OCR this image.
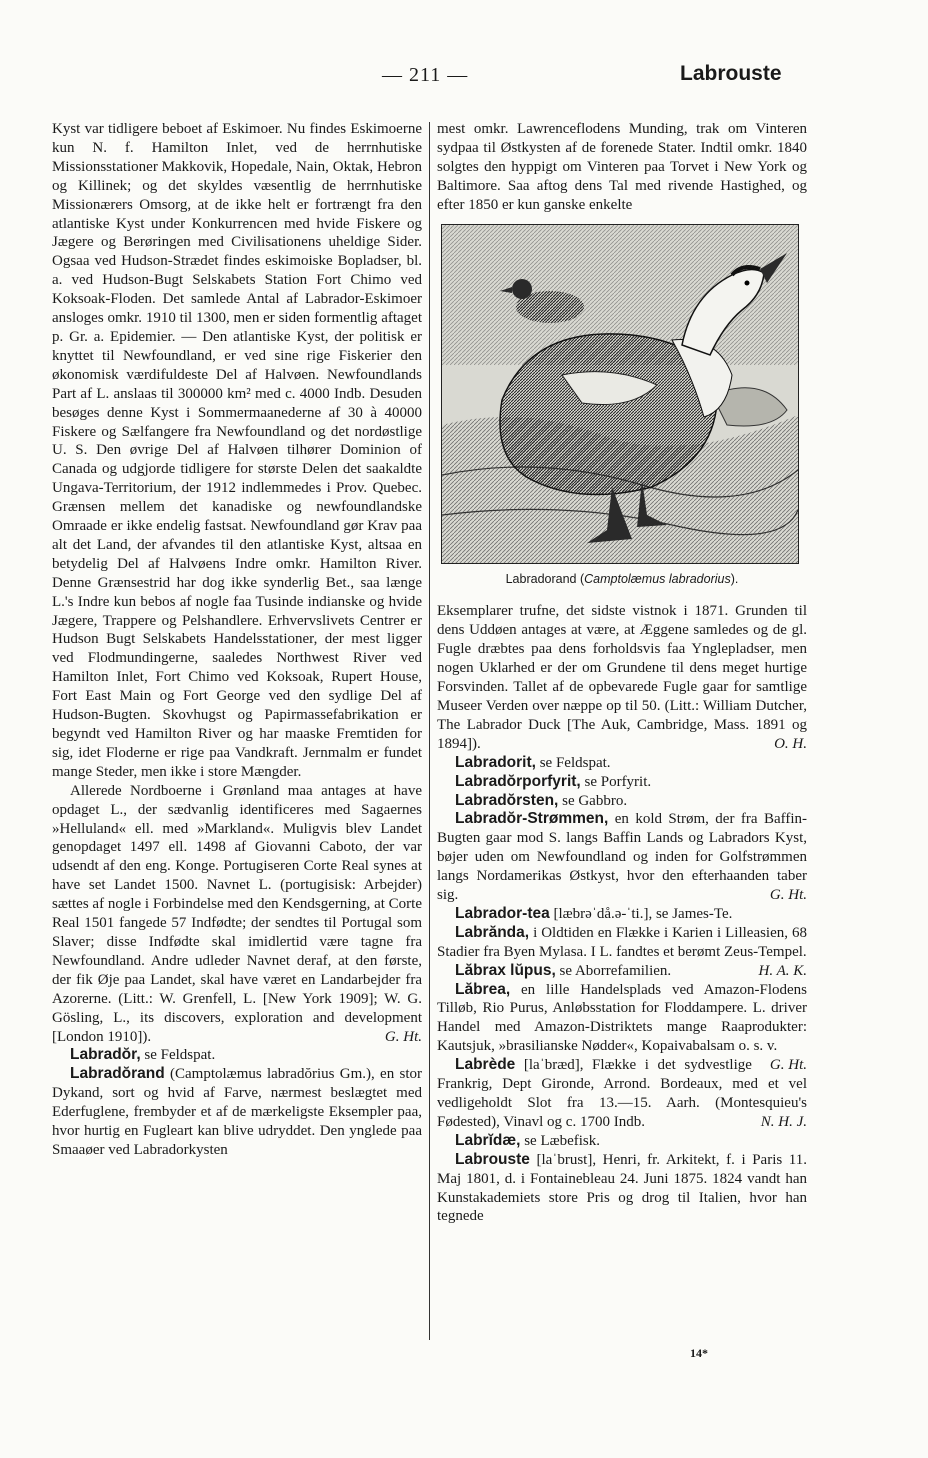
— 211 —	Labrouste

Kyst var tidligere beboet af Eskimoer. Nu findes Eskimoerne kun N. f. Hamilton Inlet, ved de herrnhutiske Missionsstationer Makkovik, Hopedale, Nain, Oktak, Hebron og Killinek; og det skyldes væsentlig de herrnhutiske Missionærers Omsorg, at de ikke helt er fortrængt fra den atlantiske Kyst under Konkurrencen med hvide Fiskere og Jægere og Berøringen med Civilisationens uheldige Sider. Ogsaa ved Hudson-Strædet findes eskimoiske Bopladser, bl. a. ved Hudson-Bugt Selskabets Station Fort Chimo ved Koksoak-Floden. Det samlede Antal af Labrador-Eskimoer ansloges omkr. 1910 til 1300, men er siden formentlig aftaget p. Gr. a. Epidemier. — Den atlantiske Kyst, der politisk er knyttet til Newfoundland, er ved sine rige Fiskerier den økonomisk værdifuldeste Del af Halvøen. Newfoundlands Part af L. anslaas til 300000 km² med c. 4000 Indb. Desuden besøges denne Kyst i Sommermaanederne af 30 à 40000 Fiskere og Sælfangere fra Newfoundland og det nordøstlige U. S. Den øvrige Del af Halvøen tilhører Dominion of Canada og udgjorde tidligere for største Delen det saakaldte Ungava-Territorium, der 1912 indlemmedes i Prov. Quebec. Grænsen mellem det kanadiske og newfoundlandske Omraade er ikke endelig fastsat. Newfoundland gør Krav paa alt det Land, der afvandes til den atlantiske Kyst, altsaa en betydelig Del af Halvøens Indre omkr. Hamilton River. Denne Grænsestrid har dog ikke synderlig Bet., saa længe L.'s Indre kun bebos af nogle faa Tusinde indianske og hvide Jægere, Trappere og Pelshandlere. Erhvervslivets Centrer er Hudson Bugt Selskabets Handelsstationer, der mest ligger ved Flodmundingerne, saaledes Northwest River ved Hamilton Inlet, Fort Chimo ved Koksoak, Rupert House, Fort East Main og Fort George ved den sydlige Del af Hudson-Bugten. Skovhugst og Papirmassefabrikation er begyndt ved Hamilton River og har maaske Fremtiden for sig, idet Floderne er rige paa Vandkraft. Jernmalm er fundet mange Steder, men ikke i store Mængder.

Allerede Nordboerne i Grønland maa antages at have opdaget L., der sædvanlig identificeres med Sagaernes »Helluland« ell. med »Markland«. Muligvis blev Landet genopdaget 1497 ell. 1498 af Giovanni Caboto, der var udsendt af den eng. Konge. Portugiseren Corte Real synes at have set Landet 1500. Navnet L. (portugisisk: Arbejder) sættes af nogle i Forbindelse med den Kendsgerning, at Corte Real 1501 fangede 57 Indfødte; der sendtes til Portugal som Slaver; disse Indfødte skal imidlertid være tagne fra Newfoundland. Andre udleder Navnet deraf, at den første, der fik Øje paa Landet, skal have været en Landarbejder fra Azorerne. (Litt.: W. Grenfell, L. [New York 1909]; W. G. Gösling, L., its discovers, exploration and development [London 1910]).	G. Ht.

Labradŏr, se Feldspat.

Labradŏrand (Camptolæmus labradŏrius Gm.), en stor Dykand, sort og hvid af Farve, nærmest beslægtet med Ederfuglene, frembyder et af de mærkeligste Eksempler paa, hvor hurtig en Fugleart kan blive udryddet. Den ynglede paa Smaaøer ved Labradorkysten

mest omkr. Lawrenceflodens Munding, trak om Vinteren sydpaa til Østkysten af de forenede Stater. Indtil omkr. 1840 solgtes den hyppigt om Vinteren paa Torvet i New York og Baltimore. Saa aftog dens Tal med rivende Hastighed, og efter 1850 er kun ganske enkelte

Labradorand (Camptolæmus labradorius).

Eksemplarer trufne, det sidste vistnok i 1871. Grunden til dens Uddøen antages at være, at Æggene samledes og de gl. Fugle dræbtes paa dens forholdsvis faa Ynglepladser, men nogen Uklarhed er der om Grundene til dens meget hurtige Forsvinden. Tallet af de opbevarede Fugle gaar for samtlige Museer Verden over næppe op til 50. (Litt.: William Dutcher, The Labrador Duck [The Auk, Cambridge, Mass. 1891 og 1894]).	O. H.

Labradorit, se Feldspat.

Labradŏrporfyrit, se Porfyrit.

Labradŏrsten, se Gabbro.

Labradŏr-Strømmen, en kold Strøm, der fra Baffin-Bugten gaar mod S. langs Baffin Lands og Labradors Kyst, bøjer uden om Newfoundland og inden for Golfstrømmen langs Nordamerikas Østkyst, hvor den efterhaanden taber sig.	G. Ht.

Labrador-tea [læbrəˈdå.ə-ˈti.], se James-Te.

Labrănda, i Oldtiden en Flække i Karien i Lilleasien, 68 Stadier fra Byen Mylasa. I L. fandtes et berømt Zeus-Tempel.
H. A. K.

Lăbrax lŭpus, se Aborrefamilien.

Lăbrea, en lille Handelsplads ved Amazon-Flodens Tilløb, Rio Purus, Anløbsstation for Floddampere. L. driver Handel med Amazon-Distriktets mange Raaprodukter: Kautsjuk, »brasilianske Nødder«, Kopaivabalsam o. s. v.
G. Ht.

Labrède [laˈbræd], Flække i det sydvestlige Frankrig, Dept Gironde, Arrond. Bordeaux, med et vel vedligeholdt Slot fra 13.—15. Aarh. (Montesquieu's Fødested), Vinavl og c. 1700 Indb.	N. H. J.

Labrĭdæ, se Læbefisk.

Labrouste [laˈbrust], Henri, fr. Arkitekt, f. i Paris 11. Maj 1801, d. i Fontainebleau 24. Juni 1875. 1824 vandt han Kunstakademiets store Pris og drog til Italien, hvor han tegnede

14*
